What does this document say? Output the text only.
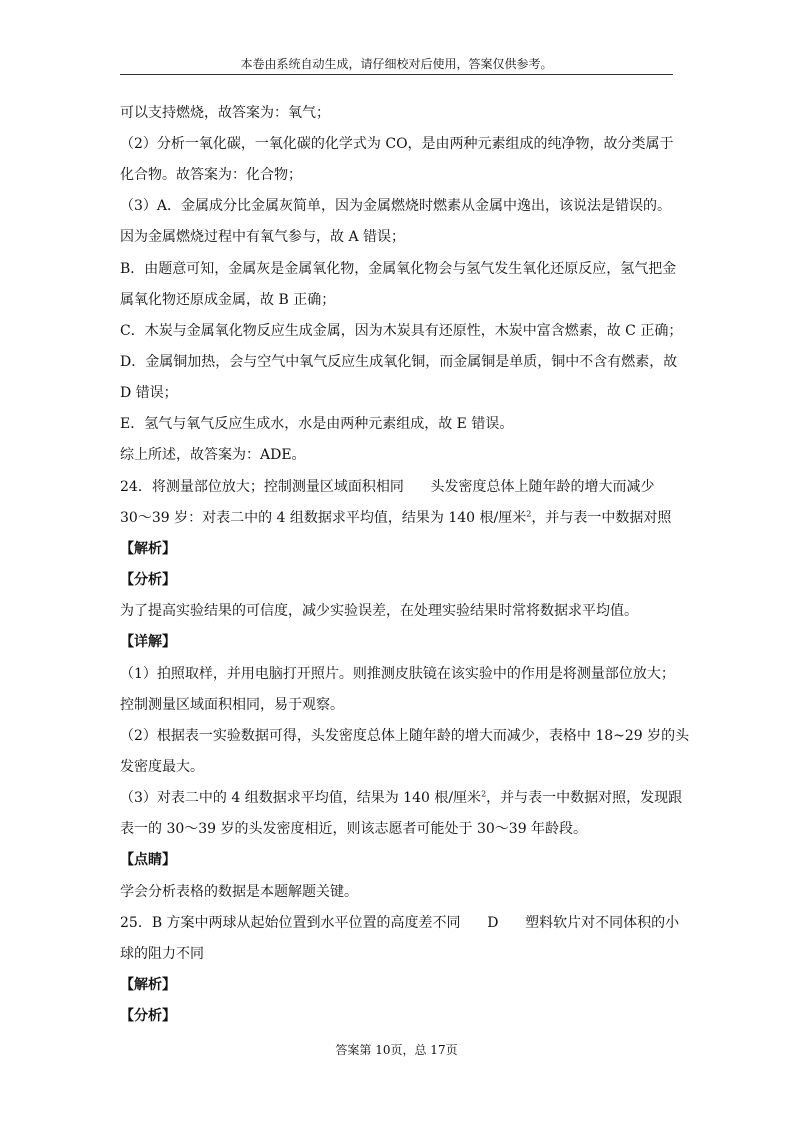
本卷由系统自动生成，请仔细校对后使用，答案仅供参考。
可以支持燃烧，故答案为：氧气；
（2）分析一氧化碳，一氧化碳的化学式为 CO，是由两种元素组成的纯净物，故分类属于
化合物。故答案为：化合物；
（3）A．金属成分比金属灰简单，因为金属燃烧时燃素从金属中逸出，该说法是错误的。
因为金属燃烧过程中有氧气参与，故 A 错误；
B．由题意可知，金属灰是金属氧化物，金属氧化物会与氢气发生氧化还原反应，氢气把金
属氧化物还原成金属，故 B 正确；
C．木炭与金属氧化物反应生成金属，因为木炭具有还原性，木炭中富含燃素，故 C 正确；
D．金属铜加热，会与空气中氧气反应生成氧化铜，而金属铜是单质，铜中不含有燃素，故
D 错误；
E．氢气与氧气反应生成水，水是由两种元素组成，故 E 错误。
综上所述，故答案为：ADE。
24．将测量部位放大；控制测量区域面积相同      头发密度总体上随年龄的增大而减少
30～39 岁：对表二中的 4 组数据求平均值，结果为 140 根/厘米$^2$，并与表一中数据对照
【解析】
【分析】
为了提高实验结果的可信度，减少实验误差，在处理实验结果时常将数据求平均值。
【详解】
（1）拍照取样，并用电脑打开照片。则推测皮肤镜在该实验中的作用是将测量部位放大；
控制测量区域面积相同，易于观察。
（2）根据表一实验数据可得，头发密度总体上随年龄的增大而减少，表格中 18~29 岁的头
发密度最大。
（3）对表二中的 4 组数据求平均值，结果为 140 根/厘米$^2$，并与表一中数据对照，发现跟
表一的 30～39 岁的头发密度相近，则该志愿者可能处于 30～39 年龄段。
【点睛】
学会分析表格的数据是本题解题关键。
25．B 方案中两球从起始位置到水平位置的高度差不同      D      塑料软片对不同体积的小
球的阻力不同
【解析】
【分析】
答案第 10页，总 17页
